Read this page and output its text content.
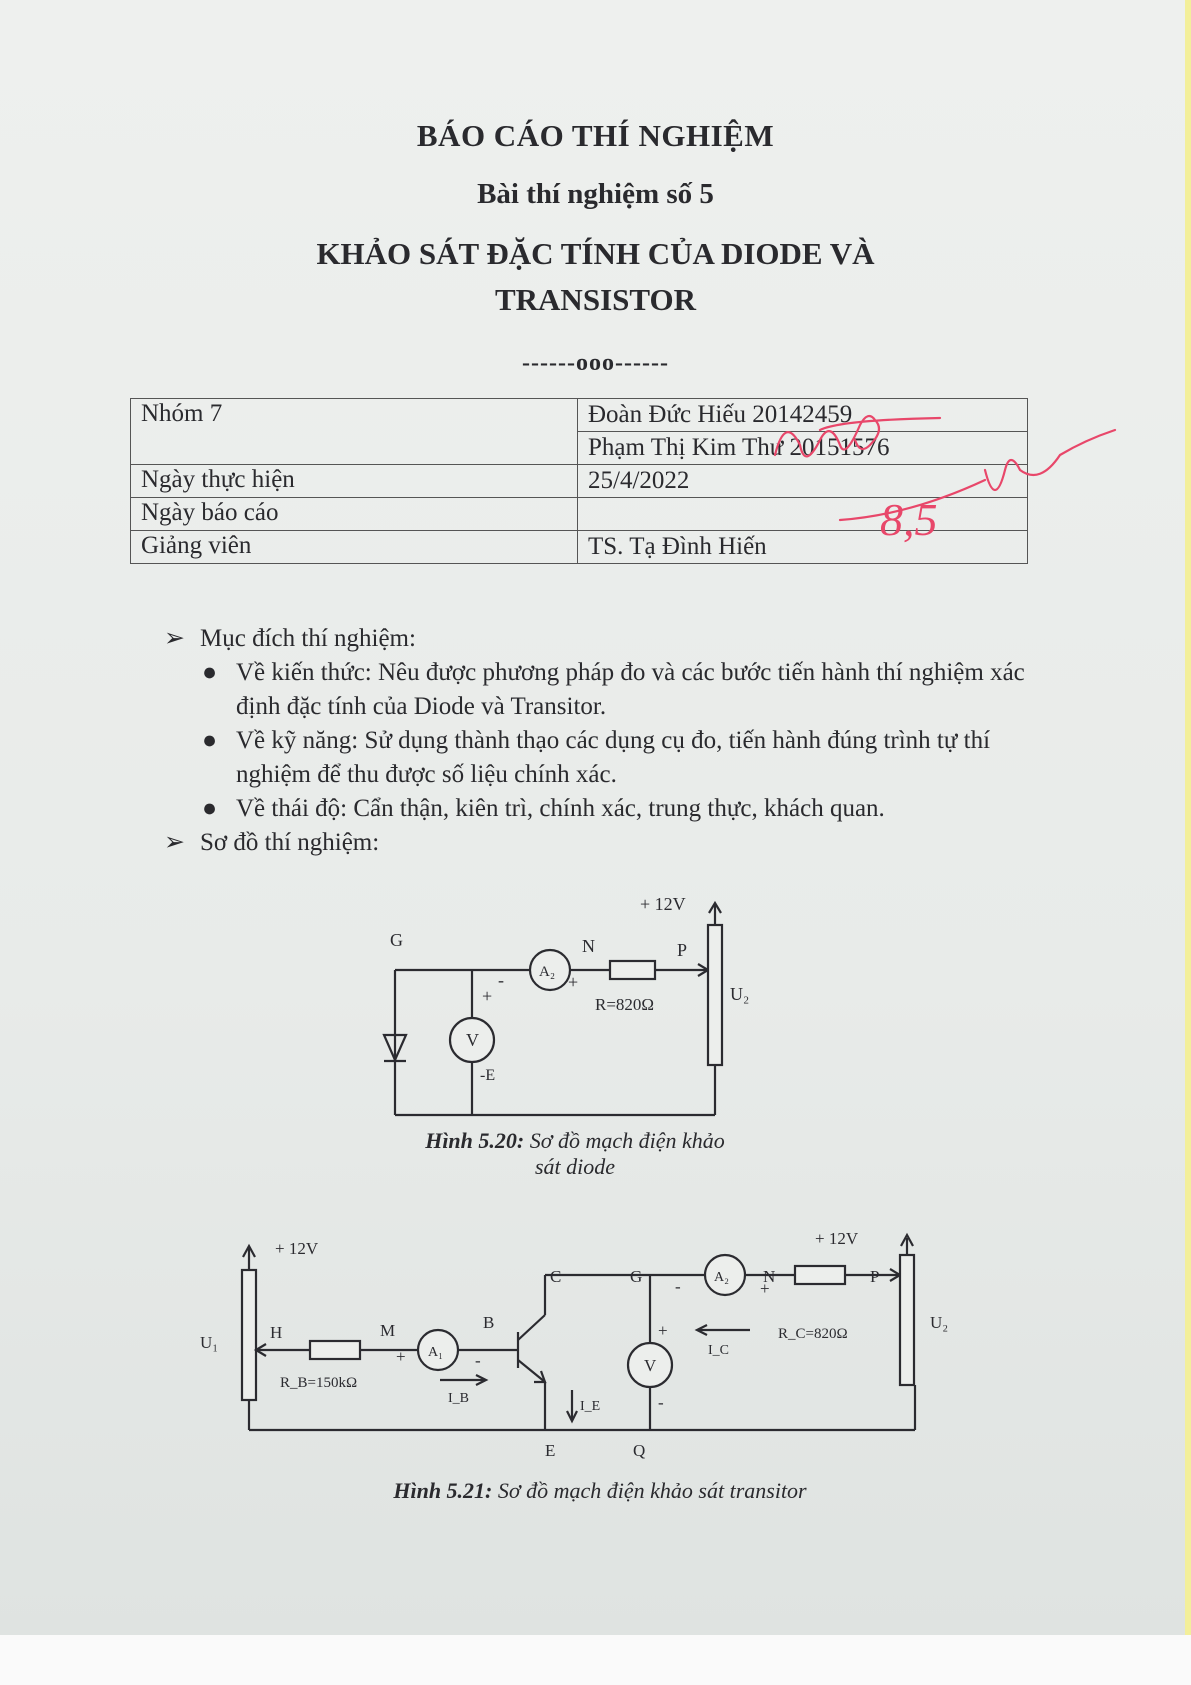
BÁO CÁO THÍ NGHIỆM
Bài thí nghiệm số 5
KHẢO SÁT ĐẶC TÍNH CỦA DIODE VÀ
TRANSISTOR
------ooo------
Nhóm 7	Đoàn Đức Hiếu 20142459
	Phạm Thị Kim Thư 20151576
Ngày thực hiện	25/4/2022
Ngày báo cáo	
Giảng viên	TS. Tạ Đình Hiến
8,5

➢ Mục đích thí nghiệm:

● Về kiến thức: Nêu được phương pháp đo và các bước tiến hành thí nghiệm xác định đặc tính của Diode và Transitor.

● Về kỹ năng: Sử dụng thành thạo các dụng cụ đo, tiến hành đúng trình tự thí nghiệm để thu được số liệu chính xác.

● Về thái độ: Cẩn thận, kiên trì, chính xác, trung thực, khách quan.

➢ Sơ đồ thí nghiệm:

+ 12V
G	N	P
A₂
R=820Ω
U₂
V
-E
+
-	+
Hình 5.20: Sơ đồ mạch điện khảo
sát diode
+ 12V
+ 12V
U₁
U₂
H	M	B
C	G	N	P
E	Q
A₁
A₂
V
R_B=150kΩ
R_C=820Ω
I_B
I_C
I_E
+	-
-	+
+
-
Hình 5.21: Sơ đồ mạch điện khảo sát transitor
